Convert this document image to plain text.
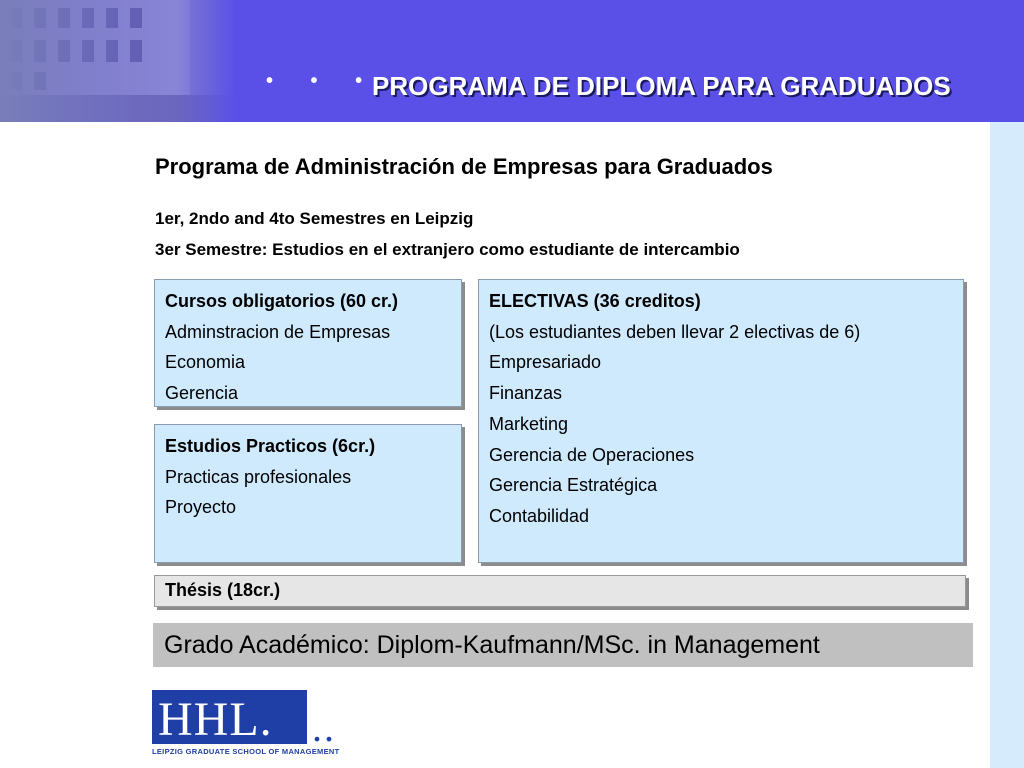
• • •
PROGRAMA DE DIPLOMA PARA GRADUADOS
Programa de Administración de Empresas para Graduados
1er, 2ndo and 4to Semestres en Leipzig
3er Semestre: Estudios en el extranjero como estudiante de intercambio
Cursos obligatorios (60 cr.)
Adminstracion de Empresas
Economia
Gerencia
Estudios Practicos (6cr.)
Practicas profesionales
Proyecto
ELECTIVAS (36 creditos)
(Los estudiantes deben llevar 2 electivas de 6)
Empresariado
Finanzas
Marketing
Gerencia de Operaciones
Gerencia Estratégica
Contabilidad
Thésis (18cr.)
Grado Académico: Diplom-Kaufmann/MSc. in Management
HHL. ..
LEIPZIG GRADUATE SCHOOL OF MANAGEMENT
